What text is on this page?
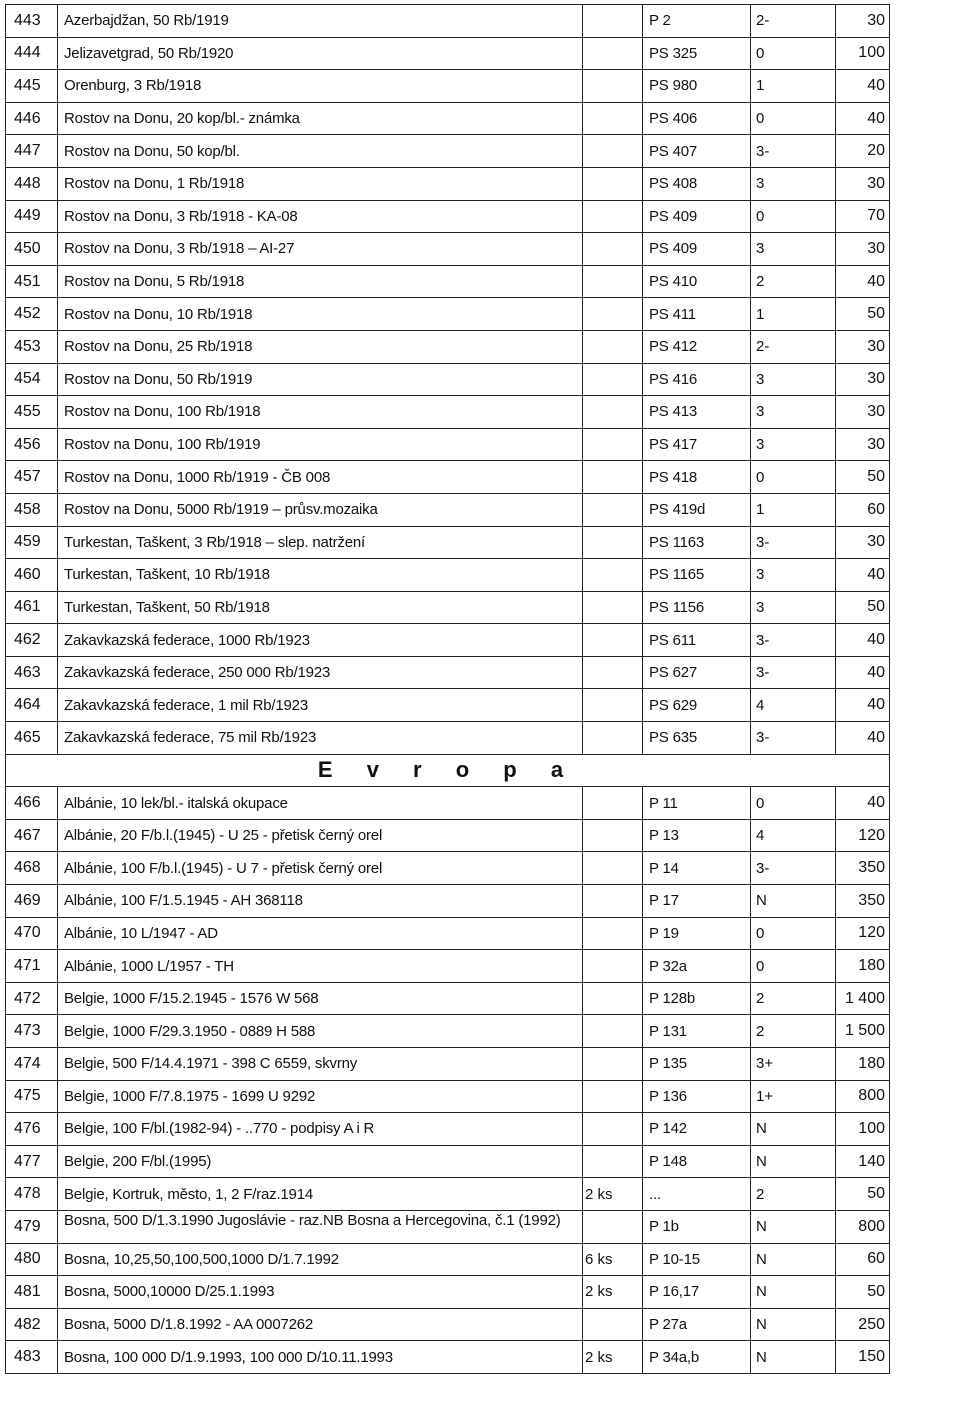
443	Azerbajdžan, 50 Rb/1919		P 2	2-	30
444	Jelizavetgrad, 50 Rb/1920		PS 325	0	100
445	Orenburg, 3 Rb/1918		PS 980	1	40
446	Rostov na Donu, 20 kop/bl.- známka		PS 406	0	40
447	Rostov na Donu, 50 kop/bl.		PS 407	3-	20
448	Rostov na Donu, 1 Rb/1918		PS 408	3	30
449	Rostov na Donu, 3 Rb/1918 - KA-08		PS 409	0	70
450	Rostov na Donu, 3 Rb/1918 – AI-27		PS 409	3	30
451	Rostov na Donu, 5 Rb/1918		PS 410	2	40
452	Rostov na Donu, 10 Rb/1918		PS 411	1	50
453	Rostov na Donu, 25 Rb/1918		PS 412	2-	30
454	Rostov na Donu, 50 Rb/1919		PS 416	3	30
455	Rostov na Donu, 100 Rb/1918		PS 413	3	30
456	Rostov na Donu, 100 Rb/1919		PS 417	3	30
457	Rostov na Donu, 1000 Rb/1919 - ČB 008		PS 418	0	50
458	Rostov na Donu, 5000 Rb/1919 – průsv.mozaika		PS 419d	1	60
459	Turkestan, Taškent, 3 Rb/1918 – slep. natržení		PS 1163	3-	30
460	Turkestan, Taškent, 10 Rb/1918		PS 1165	3	40
461	Turkestan, Taškent, 50 Rb/1918		PS 1156	3	50
462	Zakavkazská federace, 1000 Rb/1923		PS 611	3-	40
463	Zakavkazská federace, 250 000 Rb/1923		PS 627	3-	40
464	Zakavkazská federace, 1 mil Rb/1923		PS 629	4	40
465	Zakavkazská federace, 75 mil Rb/1923		PS 635	3-	40
E v r o p a					
466	Albánie, 10 lek/bl.- italská okupace		P 11	0	40
467	Albánie, 20 F/b.l.(1945) - U 25 - přetisk černý orel		P 13	4	120
468	Albánie, 100 F/b.l.(1945) - U 7 - přetisk černý orel		P 14	3-	350
469	Albánie, 100 F/1.5.1945 - AH 368118		P 17	N	350
470	Albánie, 10 L/1947 - AD		P 19	0	120
471	Albánie, 1000 L/1957 - TH		P 32a	0	180
472	Belgie, 1000 F/15.2.1945 - 1576 W 568		P 128b	2	1 400
473	Belgie, 1000 F/29.3.1950 - 0889 H 588		P 131	2	1 500
474	Belgie, 500 F/14.4.1971 - 398 C 6559, skvrny		P 135	3+	180
475	Belgie, 1000 F/7.8.1975 - 1699 U 9292		P 136	1+	800
476	Belgie, 100 F/bl.(1982-94) - ..770 - podpisy A i R		P 142	N	100
477	Belgie, 200 F/bl.(1995)		P 148	N	140
478	Belgie, Kortruk, město, 1, 2 F/raz.1914	2 ks	...	2	50
479	Bosna, 500 D/1.3.1990 Jugoslávie - raz.NB Bosna a Hercegovina, č.1 (1992)		P 1b	N	800
480	Bosna, 10,25,50,100,500,1000 D/1.7.1992	6 ks	P 10-15	N	60
481	Bosna, 5000,10000 D/25.1.1993	2 ks	P 16,17	N	50
482	Bosna, 5000 D/1.8.1992 - AA 0007262		P 27a	N	250
483	Bosna, 100 000 D/1.9.1993, 100 000 D/10.11.1993	2 ks	P 34a,b	N	150
